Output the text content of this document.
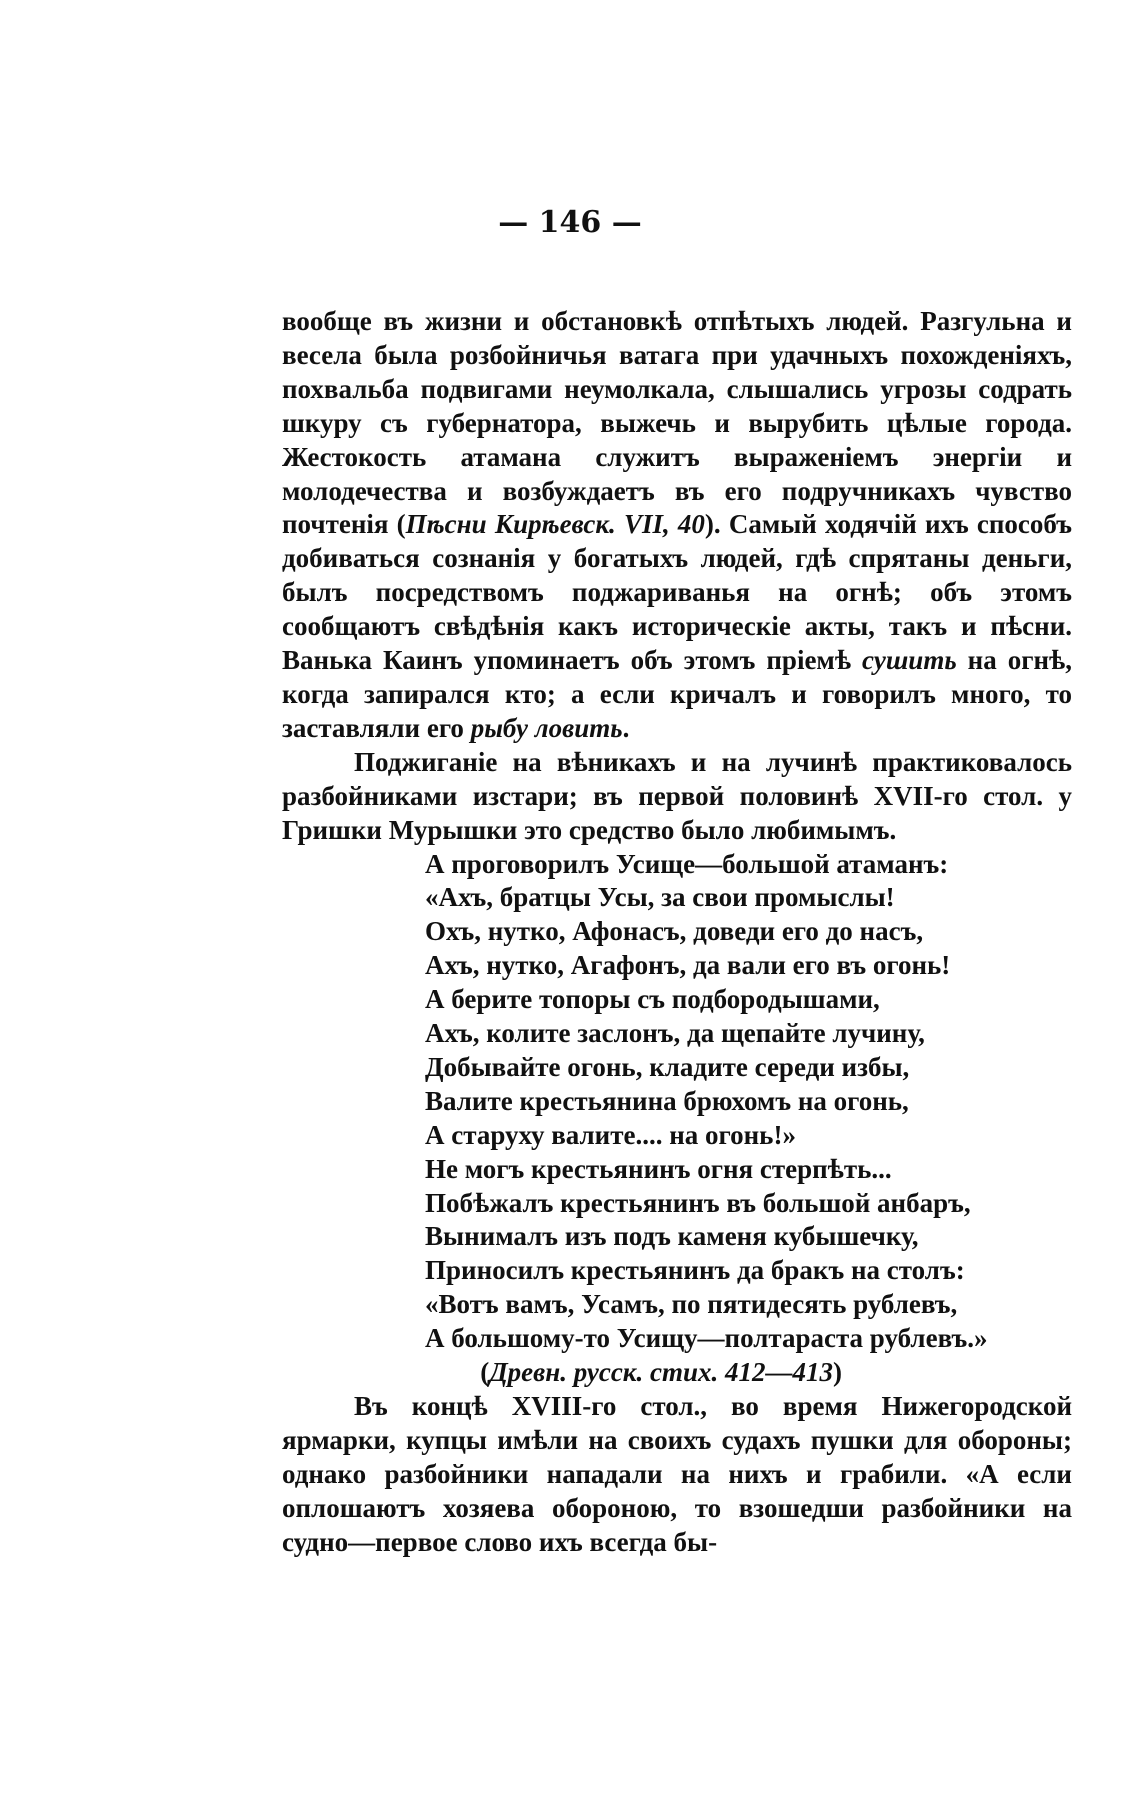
— 146 —

вообще въ жизни и обстановкѣ отпѣтыхъ людей. Разгульна и весела была розбойничья ватага при удачныхъ похожденіяхъ, похвальба подвигами неумолкала, слышались угрозы содрать шкуру съ губернатора, выжечь и вырубить цѣлые города. Жестокость атамана служитъ выраженіемъ энергіи и молодечества и возбуждаетъ въ его подручникахъ чувство почтенія (Пѣсни Кирѣевск. VII, 40). Самый ходячій ихъ способъ добиваться сознанія у богатыхъ людей, гдѣ спрятаны деньги, былъ посредствомъ поджариванья на огнѣ; объ этомъ сообщаютъ свѣдѣнія какъ историческіе акты, такъ и пѣсни. Ванька Каинъ упоминаетъ объ этомъ пріемѣ сушить на огнѣ, когда запирался кто; а если кричалъ и говорилъ много, то заставляли его рыбу ловить.

Поджиганіе на вѣникахъ и на лучинѣ практиковалось разбойниками изстари; въ первой половинѣ XVII-го стол. у Гришки Мурышки это средство было любимымъ.

А проговорилъ Усище—большой атаманъ:
«Ахъ, братцы Усы, за свои промыслы!
Охъ, нутко, Афонасъ, доведи его до насъ,
Ахъ, нутко, Агафонъ, да вали его въ огонь!
А берите топоры съ подбородышами,
Ахъ, колите заслонъ, да щепайте лучину,
Добывайте огонь, кладите середи избы,
Валите крестьянина брюхомъ на огонь,
А старуху валите.... на огонь!»
Не могъ крестьянинъ огня стерпѣть...
Побѣжалъ крестьянинъ въ большой анбаръ,
Вынималъ изъ подъ каменя кубышечку,
Приносилъ крестьянинъ да бракъ на столъ:
«Вотъ вамъ, Усамъ, по пятидесять рублевъ,
А большому-то Усищу—полтараста рублевъ.»
(Древн. русск. стих. 412—413)

Въ концѣ XVIII-го стол., во время Нижегородской ярмарки, купцы имѣли на своихъ судахъ пушки для обороны; однако разбойники нападали на нихъ и грабили. «А если оплошаютъ хозяева обороною, то взошедши разбойники на судно—первое слово ихъ всегда бы-
